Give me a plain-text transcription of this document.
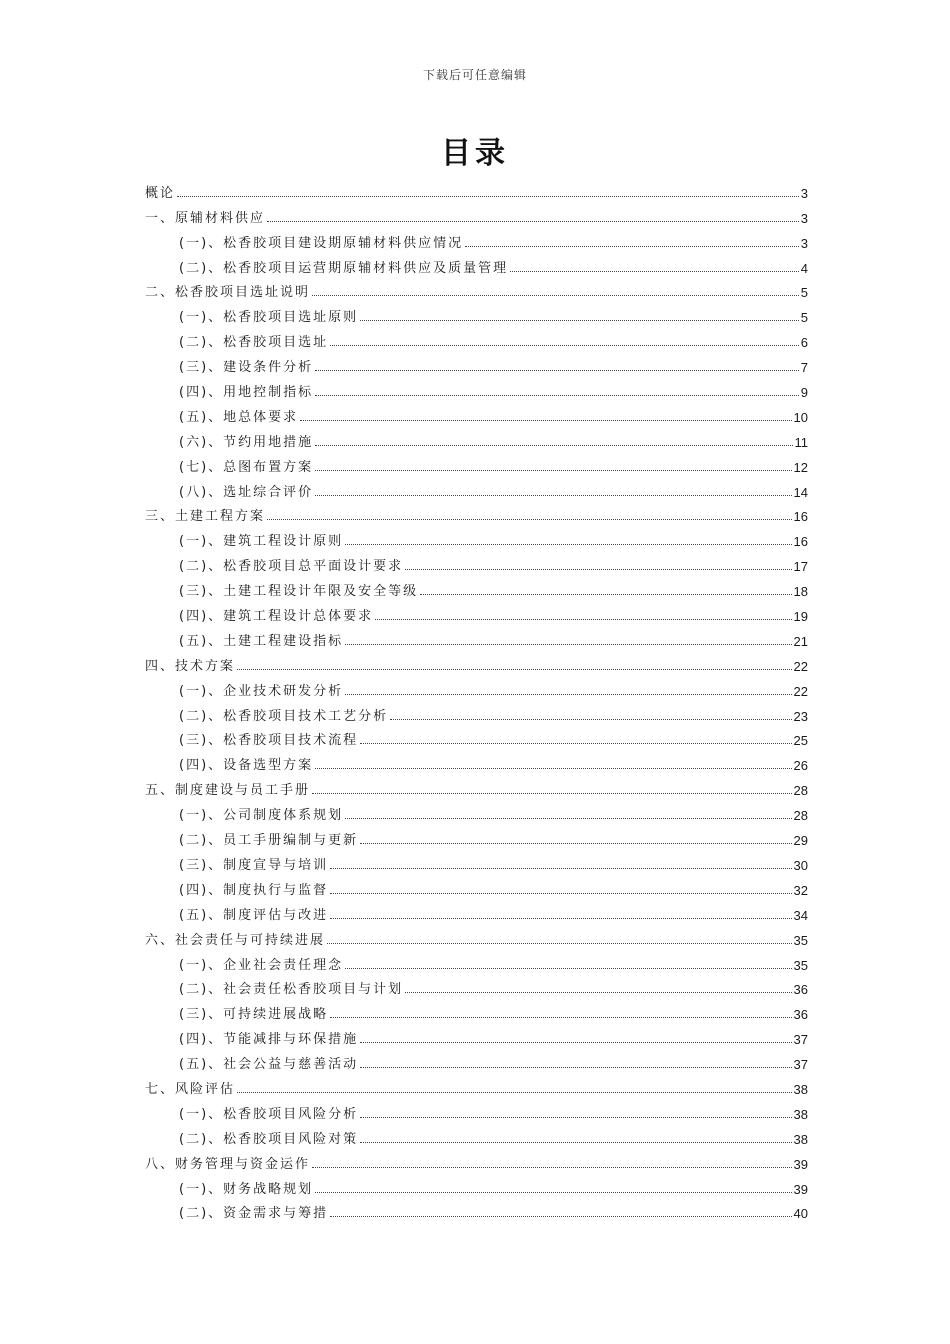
下载后可任意编辑
目录
概论	3
一、原辅材料供应	3
(一)、松香胶项目建设期原辅材料供应情况	3
(二)、松香胶项目运营期原辅材料供应及质量管理	4
二、松香胶项目选址说明	5
(一)、松香胶项目选址原则	5
(二)、松香胶项目选址	6
(三)、建设条件分析	7
(四)、用地控制指标	9
(五)、地总体要求	10
(六)、节约用地措施	11
(七)、总图布置方案	12
(八)、选址综合评价	14
三、土建工程方案	16
(一)、建筑工程设计原则	16
(二)、松香胶项目总平面设计要求	17
(三)、土建工程设计年限及安全等级	18
(四)、建筑工程设计总体要求	19
(五)、土建工程建设指标	21
四、技术方案	22
(一)、企业技术研发分析	22
(二)、松香胶项目技术工艺分析	23
(三)、松香胶项目技术流程	25
(四)、设备选型方案	26
五、制度建设与员工手册	28
(一)、公司制度体系规划	28
(二)、员工手册编制与更新	29
(三)、制度宣导与培训	30
(四)、制度执行与监督	32
(五)、制度评估与改进	34
六、社会责任与可持续进展	35
(一)、企业社会责任理念	35
(二)、社会责任松香胶项目与计划	36
(三)、可持续进展战略	36
(四)、节能减排与环保措施	37
(五)、社会公益与慈善活动	37
七、风险评估	38
(一)、松香胶项目风险分析	38
(二)、松香胶项目风险对策	38
八、财务管理与资金运作	39
(一)、财务战略规划	39
(二)、资金需求与筹措	40
